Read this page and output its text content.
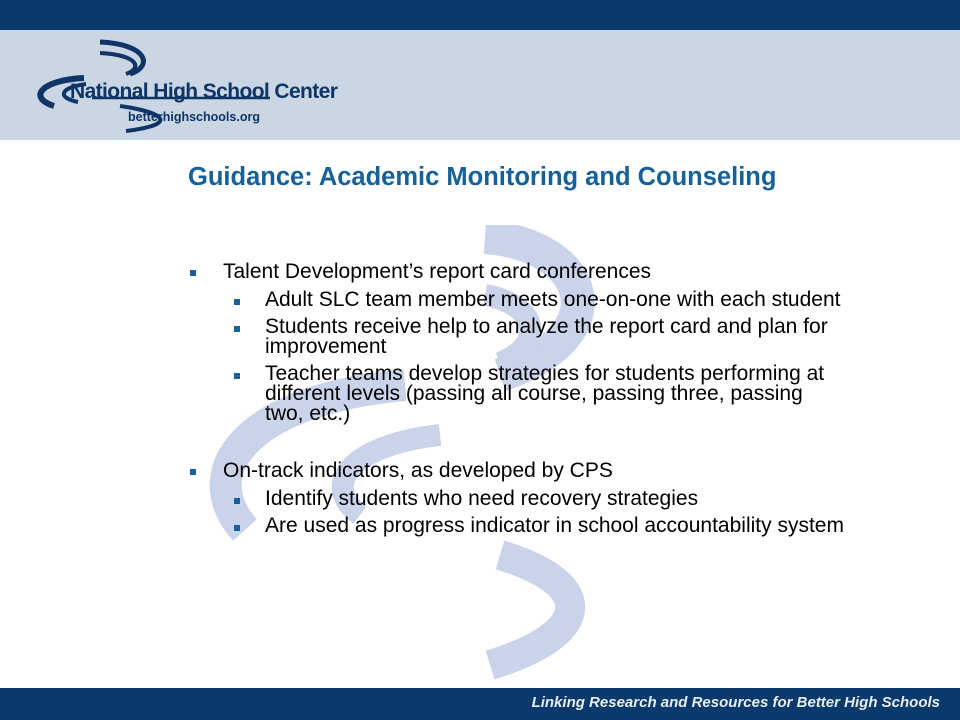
National High School Center
betterhighschools.org
Guidance: Academic Monitoring and Counseling
Talent Development’s report card conferences
Adult SLC team member meets one-on-one with each student
Students receive help to analyze the report card and plan for improvement
Teacher teams develop strategies for students performing at different levels (passing all course, passing three, passing two, etc.)
On-track indicators, as developed by CPS
Identify students who need recovery strategies
Are used as progress indicator in school accountability system
Linking Research and Resources for Better High Schools
